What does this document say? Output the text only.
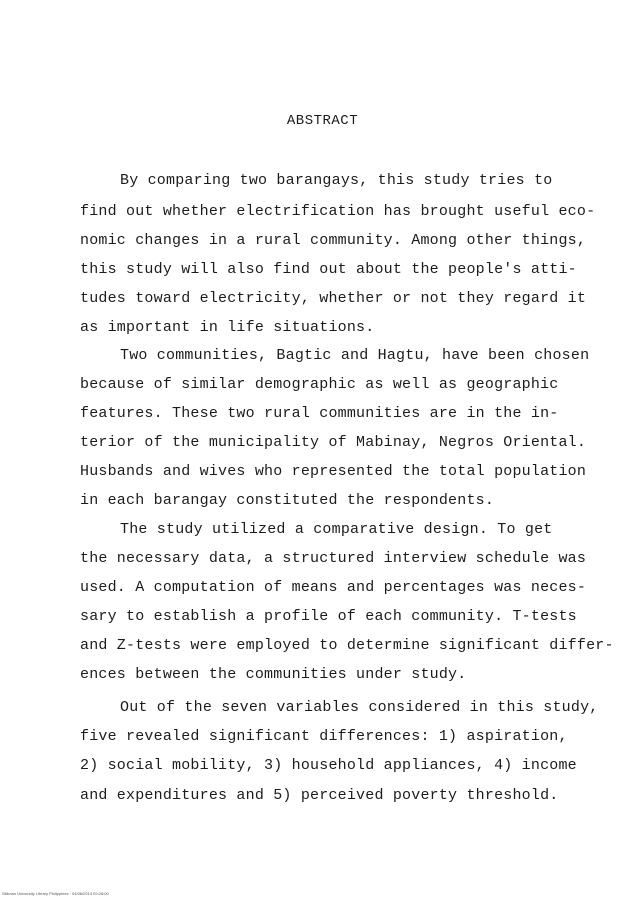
ABSTRACT
By comparing two barangays, this study tries to
find out whether electrification has brought useful eco-
nomic changes in a rural community. Among other things,
this study will also find out about the people's atti-
tudes toward electricity, whether or not they regard it
as important in life situations.
Two communities, Bagtic and Hagtu, have been chosen
because of similar demographic as well as geographic
features. These two rural communities are in the in-
terior of the municipality of Mabinay, Negros Oriental.
Husbands and wives who represented the total population
in each barangay constituted the respondents.
The study utilized a comparative design. To get
the necessary data, a structured interview schedule was
used. A computation of means and percentages was neces-
sary to establish a profile of each community. T-tests
and Z-tests were employed to determine significant differ-
ences between the communities under study.
Out of the seven variables considered in this study,
five revealed significant differences: 1) aspiration,
2) social mobility, 3) household appliances, 4) income
and expenditures and 5) perceived poverty threshold.
Silliman University Library Philippines · 04/08/2014 09:28:00
